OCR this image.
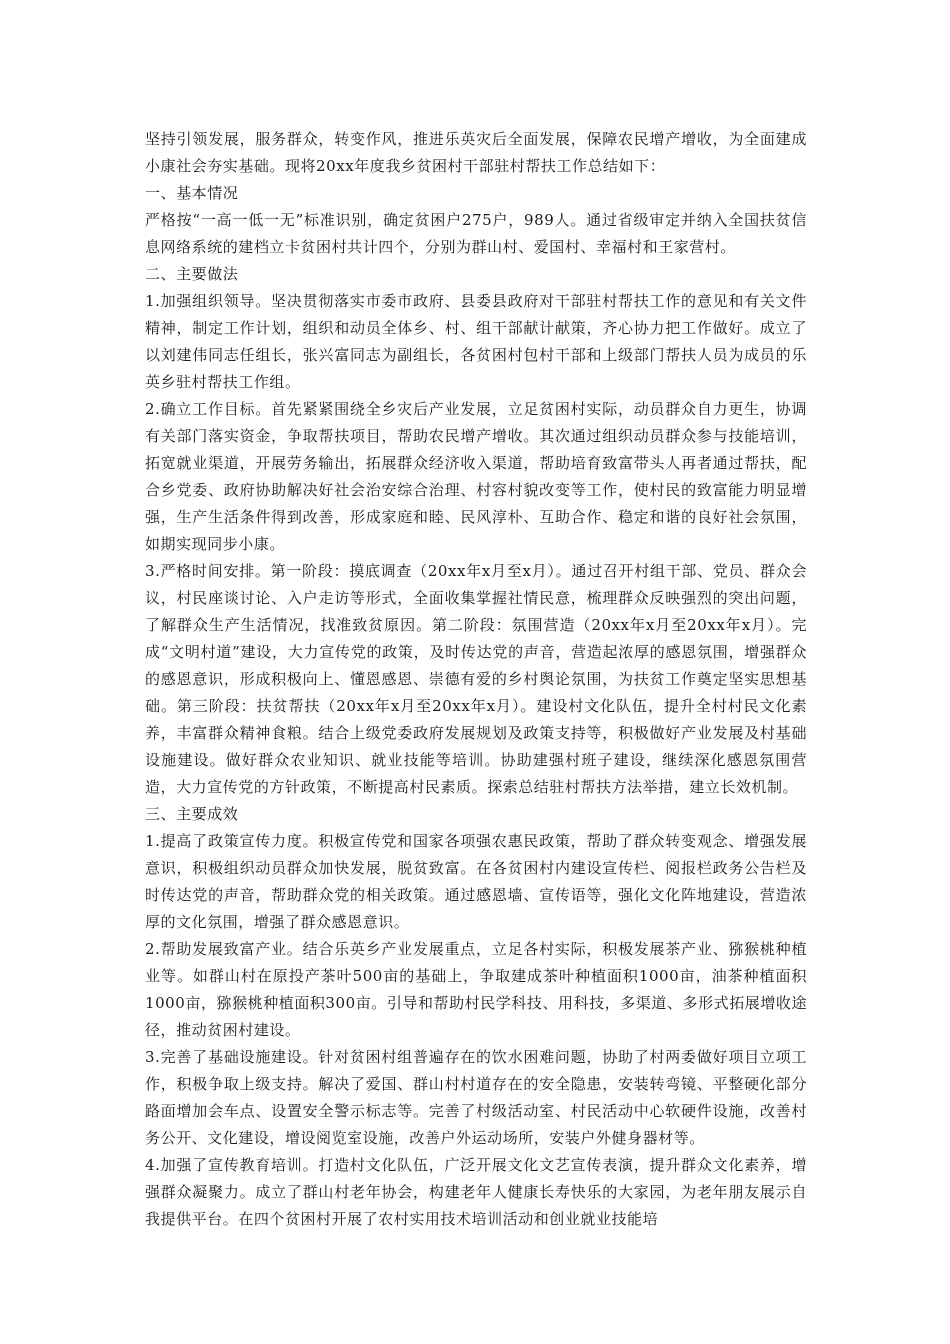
坚持引领发展，服务群众，转变作风，推进乐英灾后全面发展，保障农民增产增收，为全面建成小康社会夯实基础。现将20xx年度我乡贫困村干部驻村帮扶工作总结如下：

一、基本情况

严格按“一高一低一无”标准识别，确定贫困户275户，989人。通过省级审定并纳入全国扶贫信息网络系统的建档立卡贫困村共计四个，分别为群山村、爱国村、幸福村和王家营村。

二、主要做法

1.加强组织领导。坚决贯彻落实市委市政府、县委县政府对干部驻村帮扶工作的意见和有关文件精神，制定工作计划，组织和动员全体乡、村、组干部献计献策，齐心协力把工作做好。成立了以刘建伟同志任组长，张兴富同志为副组长，各贫困村包村干部和上级部门帮扶人员为成员的乐英乡驻村帮扶工作组。

2.确立工作目标。首先紧紧围绕全乡灾后产业发展，立足贫困村实际，动员群众自力更生，协调有关部门落实资金，争取帮扶项目，帮助农民增产增收。其次通过组织动员群众参与技能培训，拓宽就业渠道，开展劳务输出，拓展群众经济收入渠道，帮助培育致富带头人再者通过帮扶，配合乡党委、政府协助解决好社会治安综合治理、村容村貌改变等工作，使村民的致富能力明显增强，生产生活条件得到改善，形成家庭和睦、民风淳朴、互助合作、稳定和谐的良好社会氛围，如期实现同步小康。

3.严格时间安排。第一阶段：摸底调查（20xx年x月至x月）。通过召开村组干部、党员、群众会议，村民座谈讨论、入户走访等形式，全面收集掌握社情民意，梳理群众反映强烈的突出问题，了解群众生产生活情况，找准致贫原因。第二阶段：氛围营造（20xx年x月至20xx年x月）。完成“文明村道”建设，大力宣传党的政策，及时传达党的声音，营造起浓厚的感恩氛围，增强群众的感恩意识，形成积极向上、懂恩感恩、崇德有爱的乡村舆论氛围，为扶贫工作奠定坚实思想基础。第三阶段：扶贫帮扶（20xx年x月至20xx年x月）。建设村文化队伍，提升全村村民文化素养，丰富群众精神食粮。结合上级党委政府发展规划及政策支持等，积极做好产业发展及村基础设施建设。做好群众农业知识、就业技能等培训。协助建强村班子建设，继续深化感恩氛围营造，大力宣传党的方针政策，不断提高村民素质。探索总结驻村帮扶方法举措，建立长效机制。

三、主要成效

1.提高了政策宣传力度。积极宣传党和国家各项强农惠民政策，帮助了群众转变观念、增强发展意识，积极组织动员群众加快发展，脱贫致富。在各贫困村内建设宣传栏、阅报栏政务公告栏及时传达党的声音，帮助群众党的相关政策。通过感恩墙、宣传语等，强化文化阵地建设，营造浓厚的文化氛围，增强了群众感恩意识。

2.帮助发展致富产业。结合乐英乡产业发展重点，立足各村实际，积极发展茶产业、猕猴桃种植业等。如群山村在原投产茶叶500亩的基础上，争取建成茶叶种植面积1000亩，油茶种植面积1000亩，猕猴桃种植面积300亩。引导和帮助村民学科技、用科技，多渠道、多形式拓展增收途径，推动贫困村建设。

3.完善了基础设施建设。针对贫困村组普遍存在的饮水困难问题，协助了村两委做好项目立项工作，积极争取上级支持。解决了爱国、群山村村道存在的安全隐患，安装转弯镜、平整硬化部分路面增加会车点、设置安全警示标志等。完善了村级活动室、村民活动中心软硬件设施，改善村务公开、文化建设，增设阅览室设施，改善户外运动场所，安装户外健身器材等。

4.加强了宣传教育培训。打造村文化队伍，广泛开展文化文艺宣传表演，提升群众文化素养，增强群众凝聚力。成立了群山村老年协会，构建老年人健康长寿快乐的大家园，为老年朋友展示自我提供平台。在四个贫困村开展了农村实用技术培训活动和创业就业技能培
